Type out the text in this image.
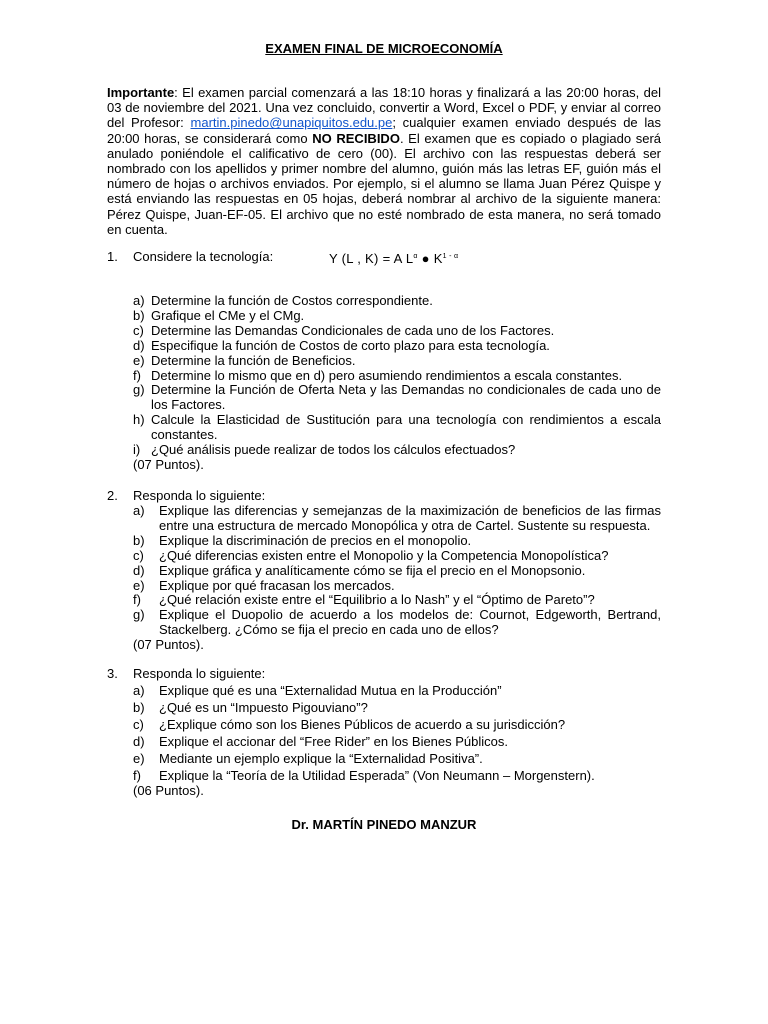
EXAMEN FINAL DE MICROECONOMÍA
Importante: El examen parcial comenzará a las 18:10 horas y finalizará a las 20:00 horas, del 03 de noviembre del 2021. Una vez concluido, convertir a Word, Excel o PDF, y enviar al correo del Profesor: martin.pinedo@unapiquitos.edu.pe; cualquier examen enviado después de las 20:00 horas, se considerará como NO RECIBIDO. El examen que es copiado o plagiado será anulado poniéndole el calificativo de cero (00). El archivo con las respuestas deberá ser nombrado con los apellidos y primer nombre del alumno, guión más las letras EF, guión más el número de hojas o archivos enviados. Por ejemplo, si el alumno se llama Juan Pérez Quispe y está enviando las respuestas en 05 hojas, deberá nombrar al archivo de la siguiente manera: Pérez Quispe, Juan-EF-05. El archivo que no esté nombrado de esta manera, no será tomado en cuenta.
1. Considere la tecnología:	Y (L , K) = A $L^\alpha$ ● $K^{1 - \alpha}$
a) Determine la función de Costos correspondiente.
b) Grafique el CMe y el CMg.
c) Determine las Demandas Condicionales de cada uno de los Factores.
d) Especifique la función de Costos de corto plazo para esta tecnología.
e) Determine la función de Beneficios.
f) Determine lo mismo que en d) pero asumiendo rendimientos a escala constantes.
g) Determine la Función de Oferta Neta y las Demandas no condicionales de cada uno de los Factores.
h) Calcule la Elasticidad de Sustitución para una tecnología con rendimientos a escala constantes.
i) ¿Qué análisis puede realizar de todos los cálculos efectuados?
(07 Puntos).
2. Responda lo siguiente:
a) Explique las diferencias y semejanzas de la maximización de beneficios de las firmas entre una estructura de mercado Monopólica y otra de Cartel. Sustente su respuesta.
b) Explique la discriminación de precios en el monopolio.
c) ¿Qué diferencias existen entre el Monopolio y la Competencia Monopolística?
d) Explique gráfica y analíticamente cómo se fija el precio en el Monopsonio.
e) Explique por qué fracasan los mercados.
f) ¿Qué relación existe entre el “Equilibrio a lo Nash” y el “Óptimo de Pareto”?
g) Explique el Duopolio de acuerdo a los modelos de: Cournot, Edgeworth, Bertrand, Stackelberg. ¿Cómo se fija el precio en cada uno de ellos?
(07 Puntos).
3. Responda lo siguiente:
a) Explique qué es una “Externalidad Mutua en la Producción”
b) ¿Qué es un “Impuesto Pigouviano”?
c) ¿Explique cómo son los Bienes Públicos de acuerdo a su jurisdicción?
d) Explique el accionar del “Free Rider” en los Bienes Públicos.
e) Mediante un ejemplo explique la “Externalidad Positiva”.
f) Explique la “Teoría de la Utilidad Esperada” (Von Neumann – Morgenstern).
(06 Puntos).
Dr. MARTÍN PINEDO MANZUR
